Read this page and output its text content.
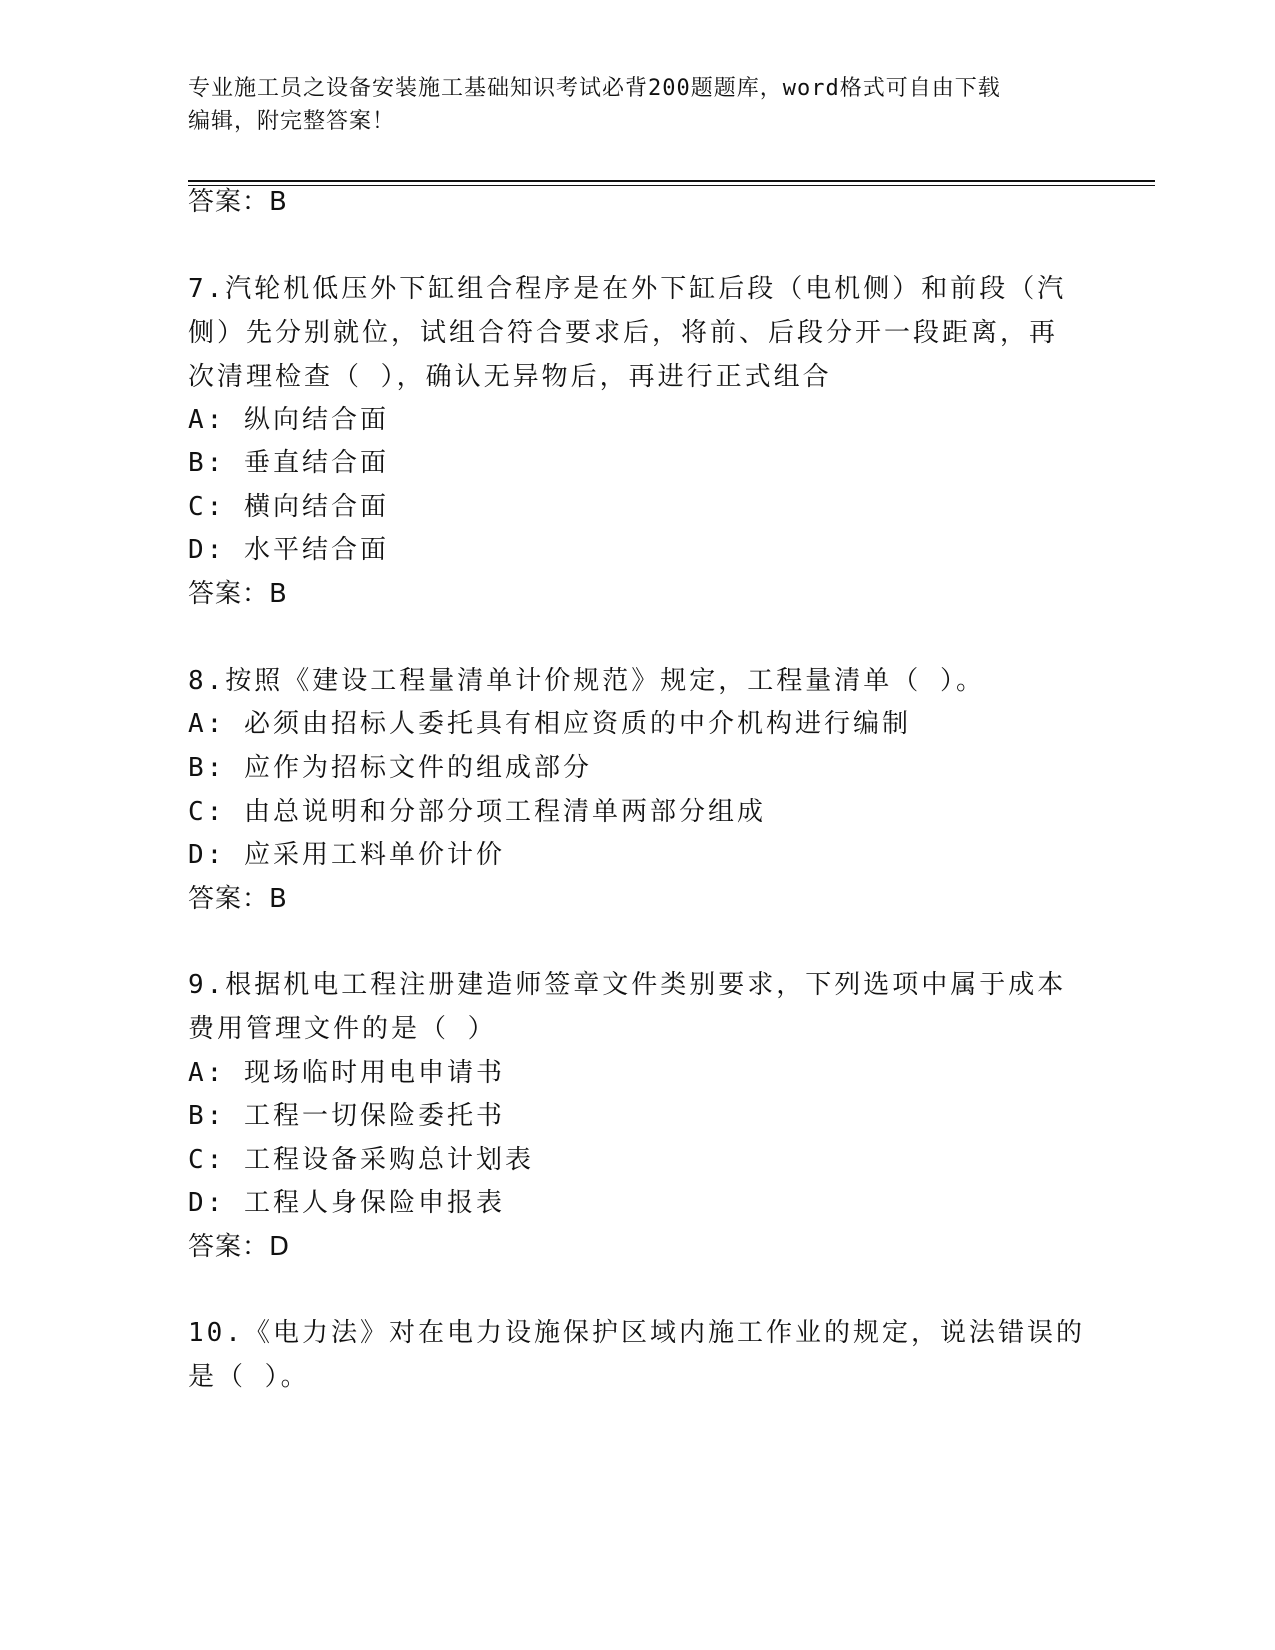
专业施工员之设备安装施工基础知识考试必背200题题库，word格式可自由下载
编辑，附完整答案！
答案：B
7.汽轮机低压外下缸组合程序是在外下缸后段（电机侧）和前段（汽
侧）先分别就位，试组合符合要求后，将前、后段分开一段距离，再
次清理检查（ ），确认无异物后，再进行正式组合
A: 纵向结合面
B: 垂直结合面
C: 横向结合面
D: 水平结合面
答案：B
8.按照《建设工程量清单计价规范》规定，工程量清单（ ）。
A: 必须由招标人委托具有相应资质的中介机构进行编制
B: 应作为招标文件的组成部分
C: 由总说明和分部分项工程清单两部分组成
D: 应采用工料单价计价
答案：B
9.根据机电工程注册建造师签章文件类别要求，下列选项中属于成本
费用管理文件的是（ ）
A: 现场临时用电申请书
B: 工程一切保险委托书
C: 工程设备采购总计划表
D: 工程人身保险申报表
答案：D
10.《电力法》对在电力设施保护区域内施工作业的规定，说法错误的
是（ ）。
